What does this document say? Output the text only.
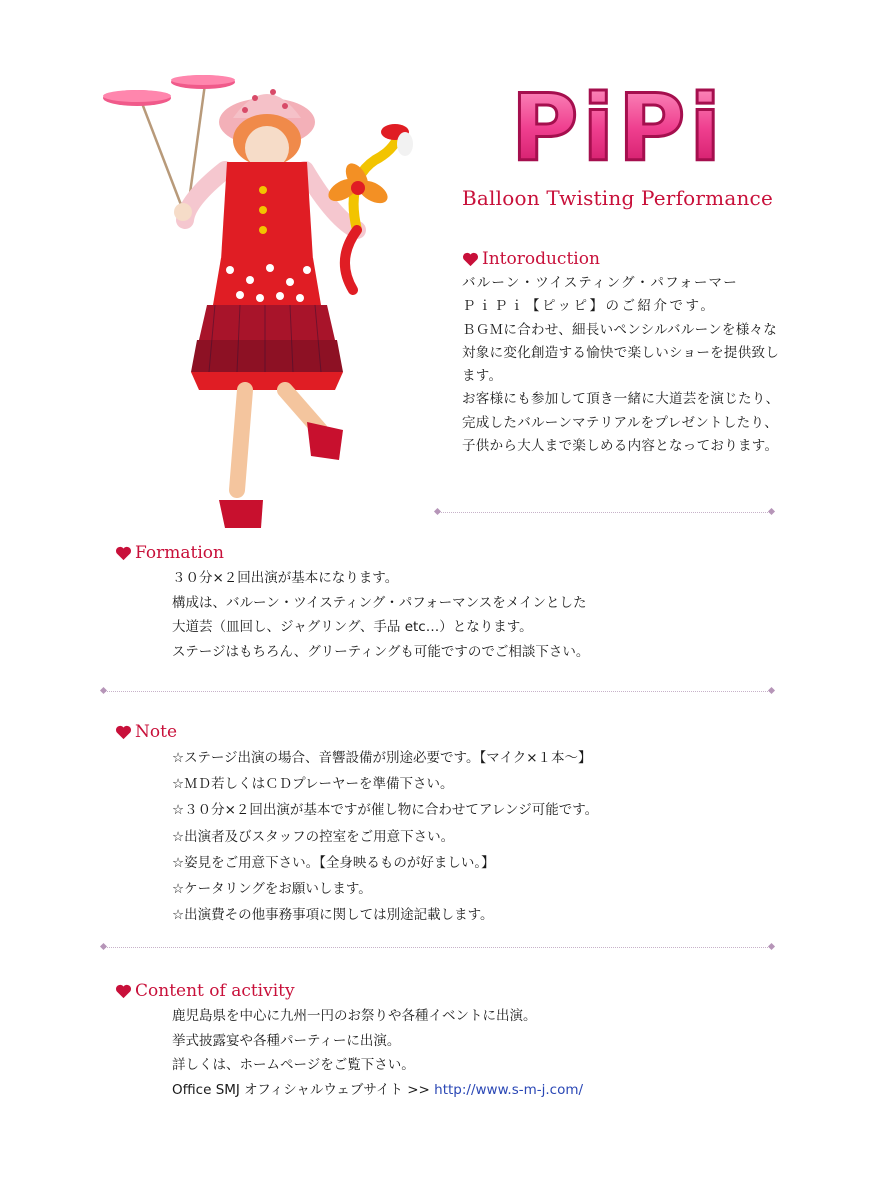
PiPi
Balloon Twisting Performance
Intoroduction
バルーン・ツイスティング・パフォーマー
ＰｉＰｉ【ピッピ】のご紹介です。
ＢＧＭに合わせ、細長いペンシルバルーンを様々な対象に変化創造する愉快で楽しいショーを提供致します。
お客様にも参加して頂き一緒に大道芸を演じたり、完成したバルーンマテリアルをプレゼントしたり、子供から大人まで楽しめる内容となっております。
Formation
３０分×２回出演が基本になります。
構成は、バルーン・ツイスティング・パフォーマンスをメインとした
大道芸（皿回し、ジャグリング、手品 etc…）となります。
ステージはもちろん、グリーティングも可能ですのでご相談下さい。
Note
☆ステージ出演の場合、音響設備が別途必要です。【マイク×１本～】
☆ＭＤ若しくはＣＤプレーヤーを準備下さい。
☆３０分×２回出演が基本ですが催し物に合わせてアレンジ可能です。
☆出演者及びスタッフの控室をご用意下さい。
☆姿見をご用意下さい。【全身映るものが好ましい。】
☆ケータリングをお願いします。
☆出演費その他事務事項に関しては別途記載します。
Content of activity
鹿児島県を中心に九州一円のお祭りや各種イベントに出演。
挙式披露宴や各種パーティーに出演。
詳しくは、ホームページをご覧下さい。
Office SMJ オフィシャルウェブサイト >> http://www.s-m-j.com/
